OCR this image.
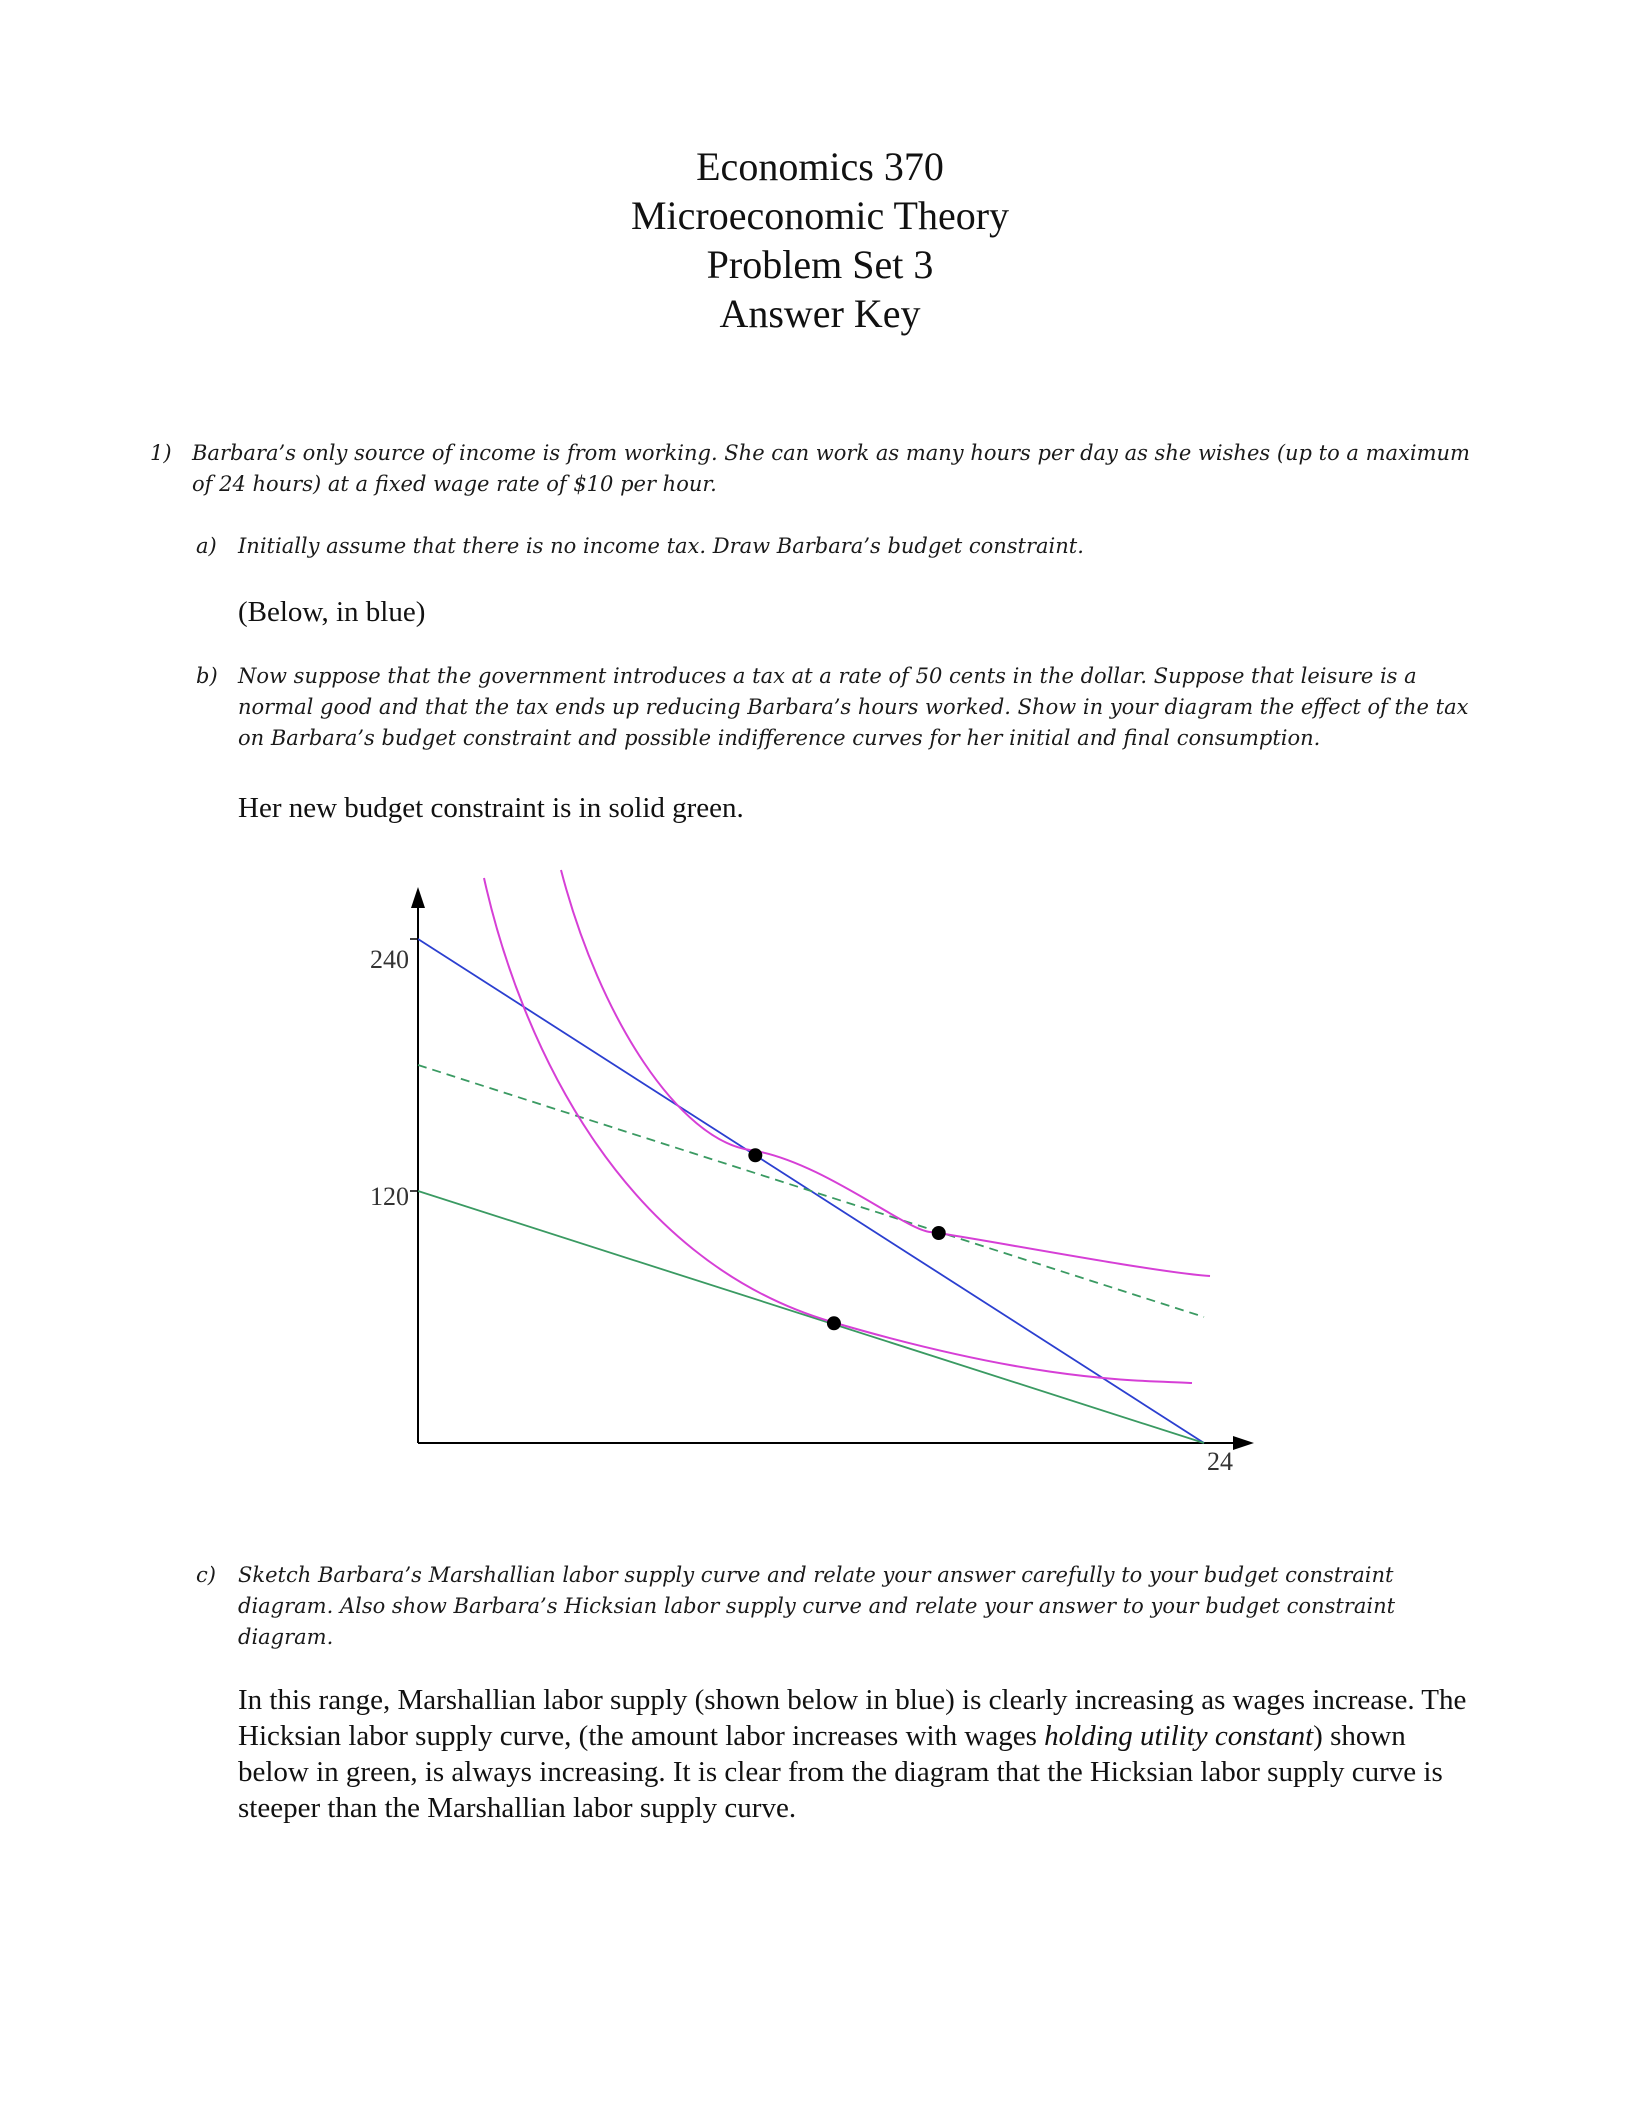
Economics 370
Microeconomic Theory
Problem Set 3
Answer Key
1) Barbara’s only source of income is from working. She can work as many hours per day as she wishes (up to a maximum of 24 hours) at a fixed wage rate of $10 per hour.
a) Initially assume that there is no income tax. Draw Barbara’s budget constraint.
(Below, in blue)
b) Now suppose that the government introduces a tax at a rate of 50 cents in the dollar. Suppose that leisure is a normal good and that the tax ends up reducing Barbara’s hours worked. Show in your diagram the effect of the tax on Barbara’s budget constraint and possible indifference curves for her initial and final consumption.
Her new budget constraint is in solid green.
240
120
24
c) Sketch Barbara’s Marshallian labor supply curve and relate your answer carefully to your budget constraint diagram. Also show Barbara’s Hicksian labor supply curve and relate your answer to your budget constraint diagram.
In this range, Marshallian labor supply (shown below in blue) is clearly increasing as wages increase. The Hicksian labor supply curve, (the amount labor increases with wages holding utility constant) shown below in green, is always increasing. It is clear from the diagram that the Hicksian labor supply curve is steeper than the Marshallian labor supply curve.
